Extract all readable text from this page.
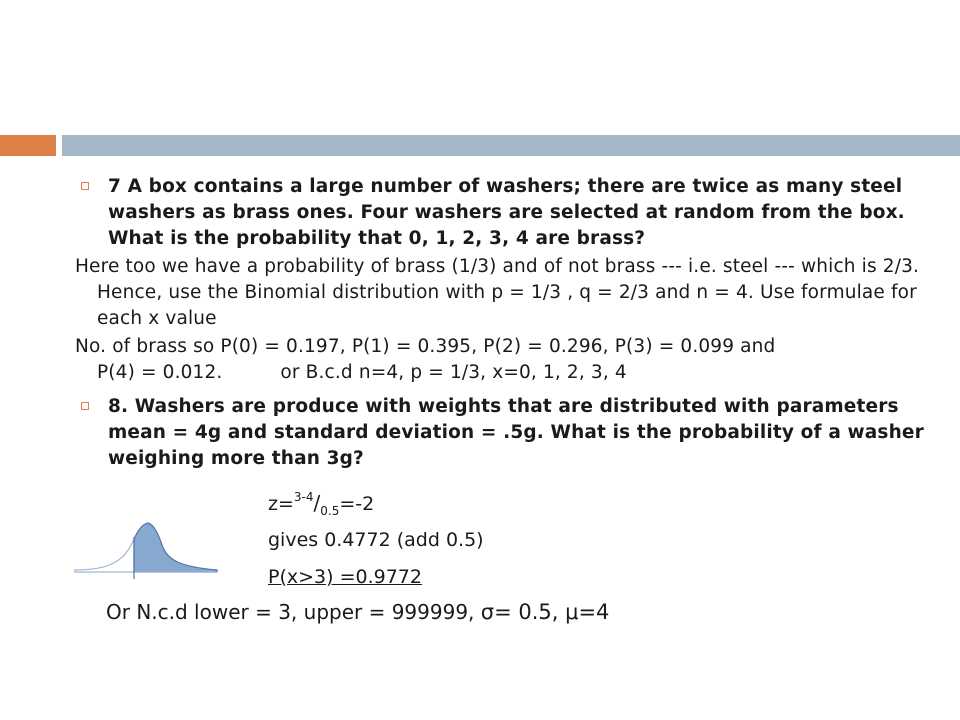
7 A box contains a large number of washers; there are twice as many steel washers as brass ones. Four washers are selected at random from the box. What is the probability that 0, 1, 2, 3, 4 are brass?
Here too we have a probability of brass (1/3) and of not brass --- i.e. steel --- which is 2/3. Hence, use the Binomial distribution with p = 1/3 , q = 2/3 and n = 4. Use formulae for each x value
No. of brass so P(0) = 0.197, P(1) = 0.395, P(2) = 0.296, P(3) = 0.099 and
P(4) = 0.012.	or B.c.d n=4, p = 1/3, x=0, 1, 2, 3, 4
8. Washers are produce with weights that are distributed with parameters mean = 4g and standard deviation = .5g. What is the probability of a washer weighing more than 3g?
$z=^{3-4}/_{0.5}=-2$
gives 0.4772 (add 0.5)
P(x>3) =0.9772
Or N.c.d lower = 3, upper = 999999, σ= 0.5, μ=4
